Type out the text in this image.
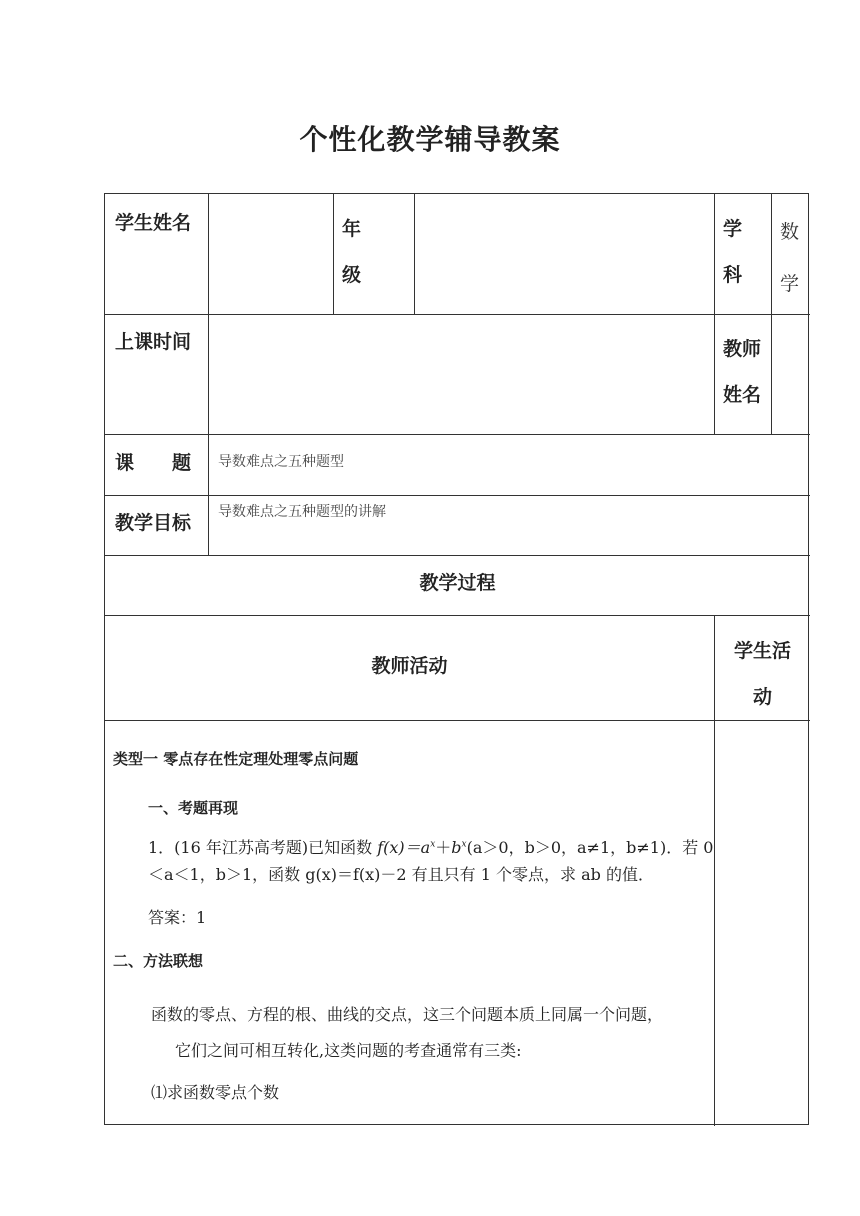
个性化教学辅导教案
学生姓名	年
级
学
科
数
学
上课时间	教师
姓名
课　　题 导数难点之五种题型
教学目标 导数难点之五种题型的讲解
教学过程
教师活动
学生活
动
类型一 零点存在性定理处理零点问题
一、考题再现
1．(16 年江苏高考题)已知函数 $f(x)=a^x+b^x(a>0$，b＞0，a≠1，b≠1)．若 0
＜a＜1，b＞1，函数 g(x)＝f(x)－2 有且只有 1 个零点，求 ab 的值．
答案：1
二、方法联想
函数的零点、方程的根、曲线的交点，这三个问题本质上同属一个问题，
它们之间可相互转化,这类问题的考查通常有三类:
⑴求函数零点个数
